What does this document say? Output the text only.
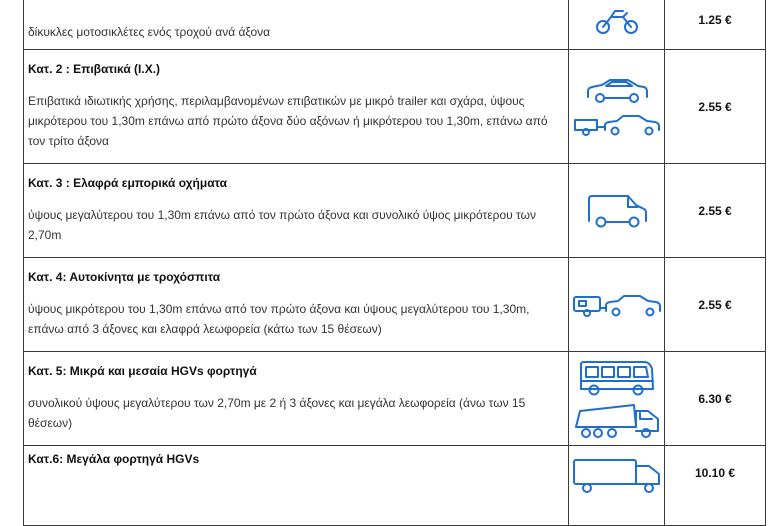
δίκυκλες μοτοσικλέτες ενός τροχού ανά άξονα		1.25 €

Κατ. 2 : Επιβατικά (Ι.Χ.)

Επιβατικά ιδιωτικής χρήσης, περιλαμβανομένων επιβατικών με μικρό trailer και σχάρα, ύψους μικρότερου του 1,30m επάνω από πρώτο άξονα δύο αξόνων ή μικρότερου του 1,30m, επάνω από τον τρίτο άξονα		2.55 €

Κατ. 3 : Ελαφρά εμπορικά οχήματα

ύψους μεγαλύτερου του 1,30m επάνω από τον πρώτο άξονα και συνολικό ύψος μικρότερου των 2,70m		2.55 €

Κατ. 4: Αυτοκίνητα με τροχόσπιτα

ύψους μικρότερου του 1,30m επάνω από τον πρώτο άξονα και ύψους μεγαλύτερου του 1,30m, επάνω από 3 άξονες και ελαφρά λεωφορεία (κάτω των 15 θέσεων)		2.55 €

Κατ. 5: Μικρά και μεσαία HGVs φορτηγά

συνολικού ύψους μεγαλύτερου των 2,70m με 2 ή 3 άξονες και μεγάλα λεωφορεία (άνω των 15 θέσεων)		6.30 €

Κατ.6: Μεγάλα φορτηγά HGVs		10.10 €
